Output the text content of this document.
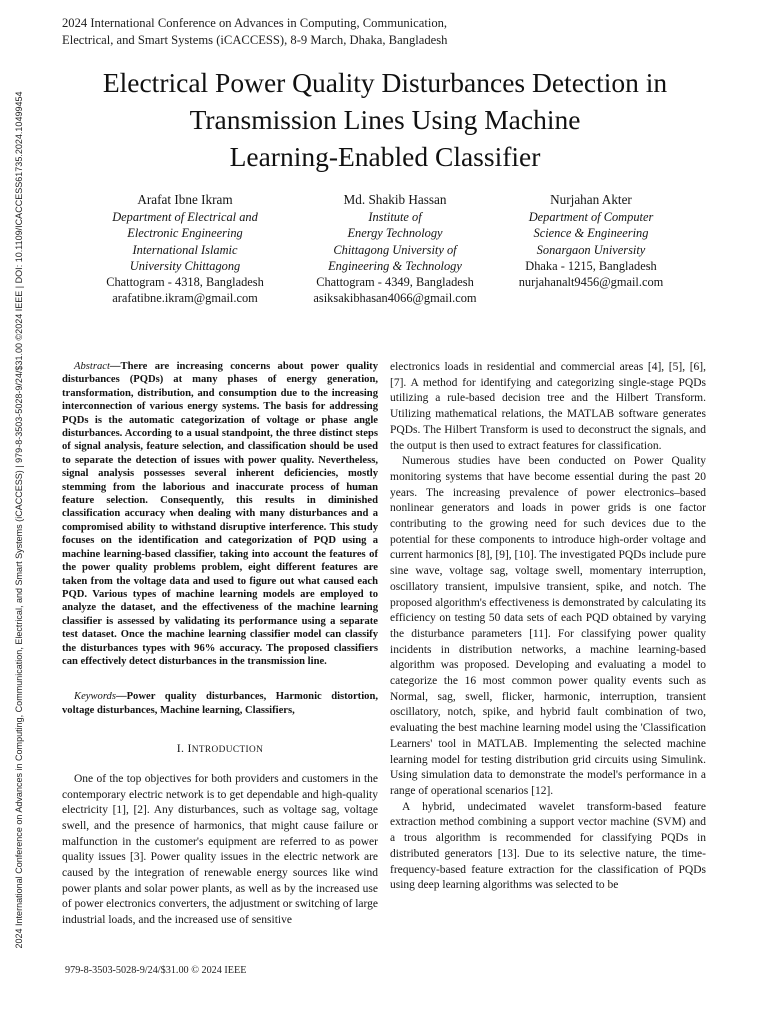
2024 International Conference on Advances in Computing, Communication, Electrical, and Smart Systems (iCACCESS) | 979-8-3503-5028-9/24/$31.00 ©2024 IEEE | DOI: 10.1109/ICACCESS61735.2024.10499454
2024 International Conference on Advances in Computing, Communication,
Electrical, and Smart Systems (iCACCESS), 8-9 March, Dhaka, Bangladesh
Electrical Power Quality Disturbances Detection in
Transmission Lines Using Machine
Learning-Enabled Classifier
Arafat Ibne Ikram
Department of Electrical and
Electronic Engineering
International Islamic
University Chittagong
Chattogram - 4318, Bangladesh
arafatibne.ikram@gmail.com
Md. Shakib Hassan
Institute of
Energy Technology
Chittagong University of
Engineering & Technology
Chattogram - 4349, Bangladesh
asiksakibhasan4066@gmail.com
Nurjahan Akter
Department of Computer
Science & Engineering
Sonargaon University
Dhaka - 1215, Bangladesh
nurjahanalt9456@gmail.com

Abstract—There are increasing concerns about power quality disturbances (PQDs) at many phases of energy generation, transformation, distribution, and consumption due to the increasing interconnection of various energy systems. The basis for addressing PQDs is the automatic categorization of voltage or phase angle disturbances. According to a usual standpoint, the three distinct steps of signal analysis, feature selection, and classification should be used to separate the detection of issues with power quality. Nevertheless, signal analysis possesses several inherent deficiencies, mostly stemming from the laborious and inaccurate process of human feature selection. Consequently, this results in diminished classification accuracy when dealing with many disturbances and a compromised ability to withstand disruptive interference. This study focuses on the identification and categorization of PQD using a machine learning-based classifier, taking into account the features of the power quality problems problem, eight different features are taken from the voltage data and used to figure out what caused each PQD. Various types of machine learning models are employed to analyze the dataset, and the effectiveness of the machine learning classifier is assessed by validating its performance using a separate test dataset. Once the machine learning classifier model can classify the disturbances types with 96% accuracy. The proposed classifiers can effectively detect disturbances in the transmission line.

Keywords—Power quality disturbances, Harmonic distortion, voltage disturbances, Machine learning, Classifiers,

I. INTRODUCTION

One of the top objectives for both providers and customers in the contemporary electric network is to get dependable and high-quality electricity [1], [2]. Any disturbances, such as voltage sag, voltage swell, and the presence of harmonics, that might cause failure or malfunction in the customer's equipment are referred to as power quality issues [3]. Power quality issues in the electric network are caused by the integration of renewable energy sources like wind power plants and solar power plants, as well as by the increased use of power electronics converters, the adjustment or switching of large industrial loads, and the increased use of sensitive

electronics loads in residential and commercial areas [4], [5], [6], [7]. A method for identifying and categorizing single-stage PQDs utilizing a rule-based decision tree and the Hilbert Transform. Utilizing mathematical relations, the MATLAB software generates PQDs. The Hilbert Transform is used to deconstruct the signals, and the output is then used to extract features for classification.

Numerous studies have been conducted on Power Quality monitoring systems that have become essential during the past 20 years. The increasing prevalence of power electronics–based nonlinear generators and loads in power grids is one factor contributing to the growing need for such devices due to the potential for these components to introduce high-order voltage and current harmonics [8], [9], [10]. The investigated PQDs include pure sine wave, voltage sag, voltage swell, momentary interruption, oscillatory transient, impulsive transient, spike, and notch. The proposed algorithm's effectiveness is demonstrated by calculating its efficiency on testing 50 data sets of each PQD obtained by varying the disturbance parameters [11]. For classifying power quality incidents in distribution networks, a machine learning-based algorithm was proposed. Developing and evaluating a model to categorize the 16 most common power quality events such as Normal, sag, swell, flicker, harmonic, interruption, transient oscillatory, notch, spike, and hybrid fault combination of two, evaluating the best machine learning model using the 'Classification Learners' tool in MATLAB. Implementing the selected machine learning model for testing distribution grid circuits using Simulink. Using simulation data to demonstrate the model's performance in a range of operational scenarios [12].

A hybrid, undecimated wavelet transform-based feature extraction method combining a support vector machine (SVM) and a trous algorithm is recommended for classifying PQDs in distributed generators [13]. Due to its selective nature, the time-frequency-based feature extraction for the classification of PQDs using deep learning algorithms was selected to be

979-8-3503-5028-9/24/$31.00 © 2024 IEEE
